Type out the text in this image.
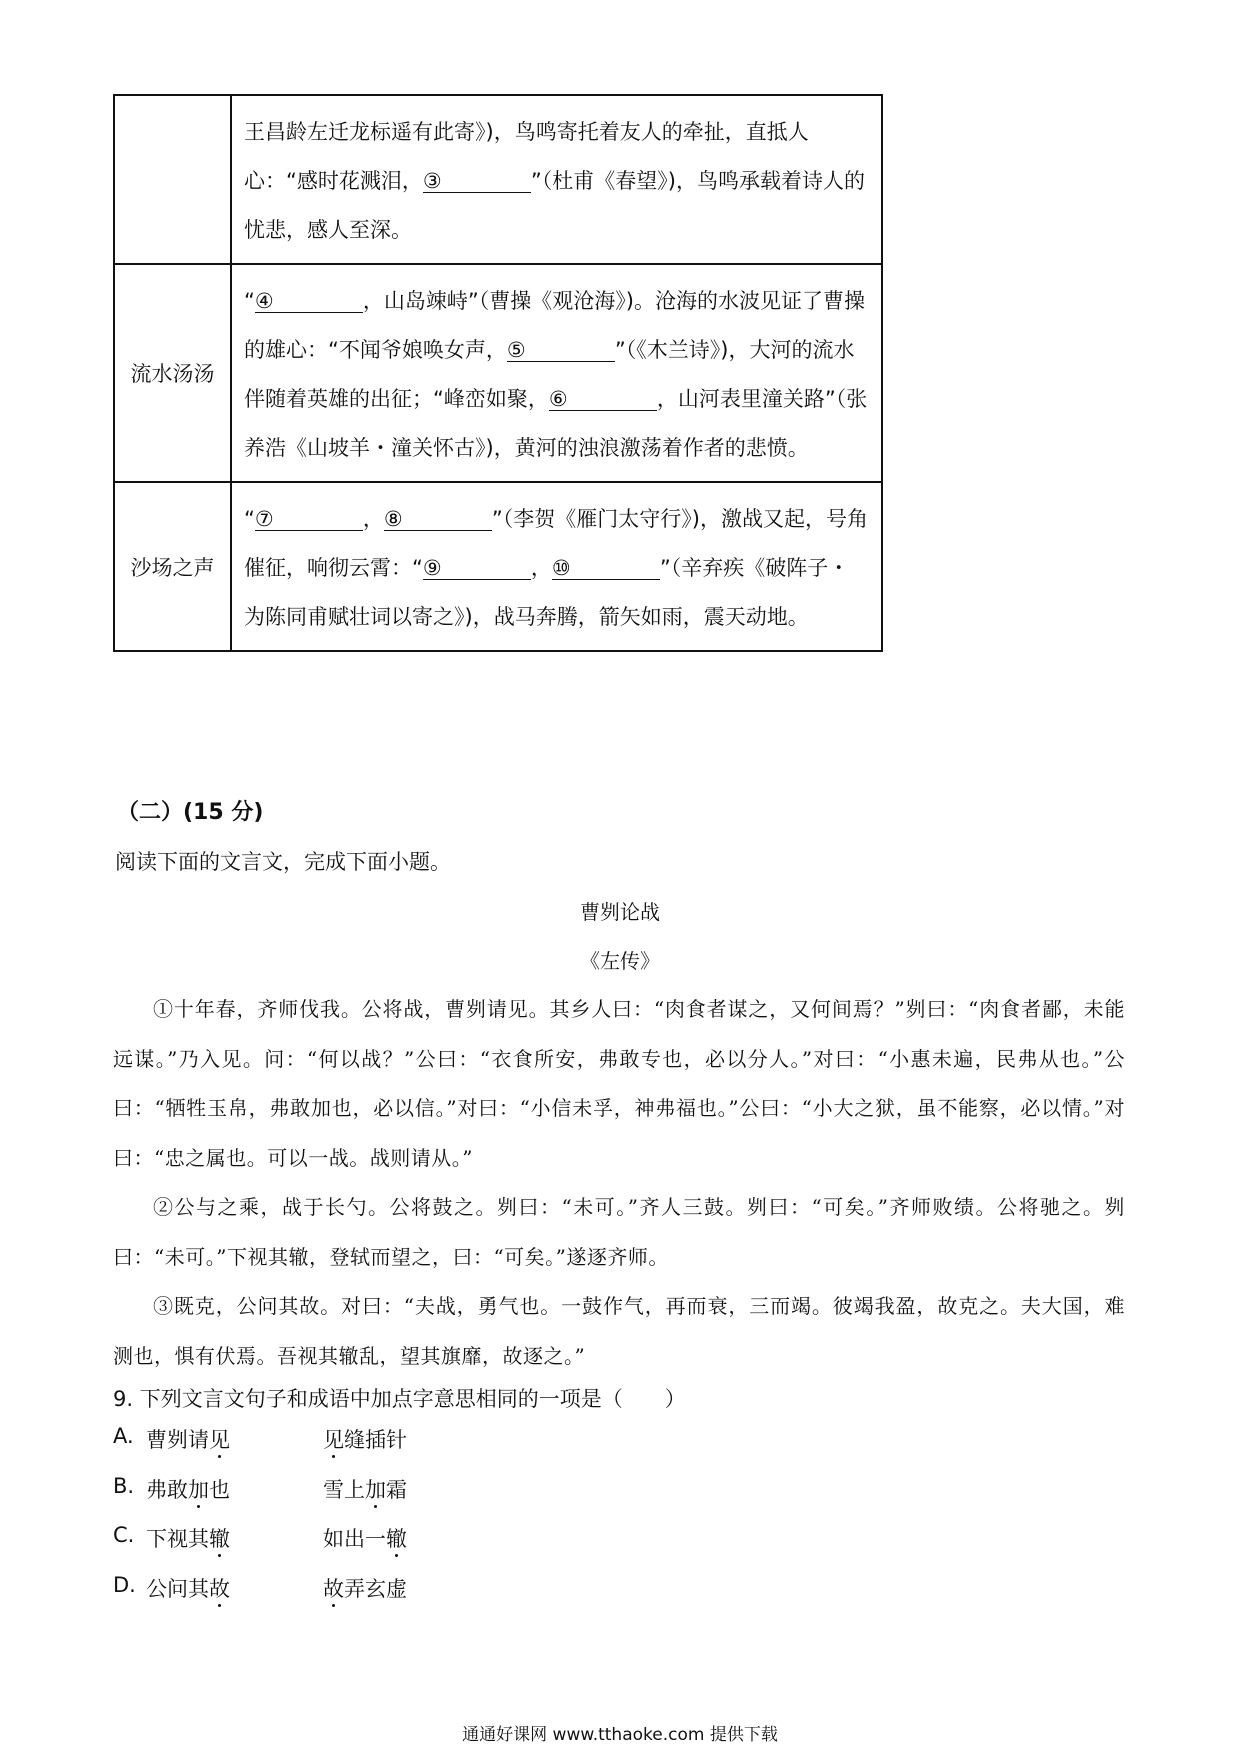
	王昌龄左迁龙标遥有此寄》)，鸟鸣寄托着友人的牵扯，直抵人心：“感时花溅泪，③ ”（杜甫《春望》)，鸟鸣承载着诗人的忧悲，感人至深。
流水汤汤	“④ ，山岛竦峙”（曹操《观沧海》)。沧海的水波见证了曹操的雄心：“不闻爷娘唤女声，⑤ ”（《木兰诗》)，大河的流水伴随着英雄的出征；“峰峦如聚，⑥ ，山河表里潼关路”（张养浩《山坡羊・潼关怀古》)，黄河的浊浪激荡着作者的悲愤。
沙场之声	“⑦ ，⑧ ”（李贺《雁门太守行》)，激战又起，号角催征，响彻云霄：“⑨ ，⑩ ”（辛弃疾《破阵子・为陈同甫赋壮词以寄之》)，战马奔腾，箭矢如雨，震天动地。
（二）(15 分)
阅读下面的文言文，完成下面小题。
曹刿论战
《左传》

①十年春，齐师伐我。公将战，曹刿请见。其乡人曰：“肉食者谋之，又何间焉？”刿曰：“肉食者鄙，未能远谋。”乃入见。问：“何以战？”公曰：“衣食所安，弗敢专也，必以分人。”对曰：“小惠未遍，民弗从也。”公曰：“牺牲玉帛，弗敢加也，必以信。”对曰：“小信未孚，神弗福也。”公曰：“小大之狱，虽不能察，必以情。”对曰：“忠之属也。可以一战。战则请从。”

②公与之乘，战于长勺。公将鼓之。刿曰：“未可。”齐人三鼓。刿曰：“可矣。”齐师败绩。公将驰之。刿曰：“未可。”下视其辙，登轼而望之，曰：“可矣。”遂逐齐师。

③既克，公问其故。对曰：“夫战，勇气也。一鼓作气，再而衰，三而竭。彼竭我盈，故克之。夫大国，难测也，惧有伏焉。吾视其辙乱，望其旗靡，故逐之。”

9. 下列文言文句子和成语中加点字意思相同的一项是（　　）
A. 曹刿请见	见缝插针
B. 弗敢加也	雪上加霜
C. 下视其辙	如出一辙
D. 公问其故	故弄玄虚
通通好课网 www.tthaoke.com 提供下载
